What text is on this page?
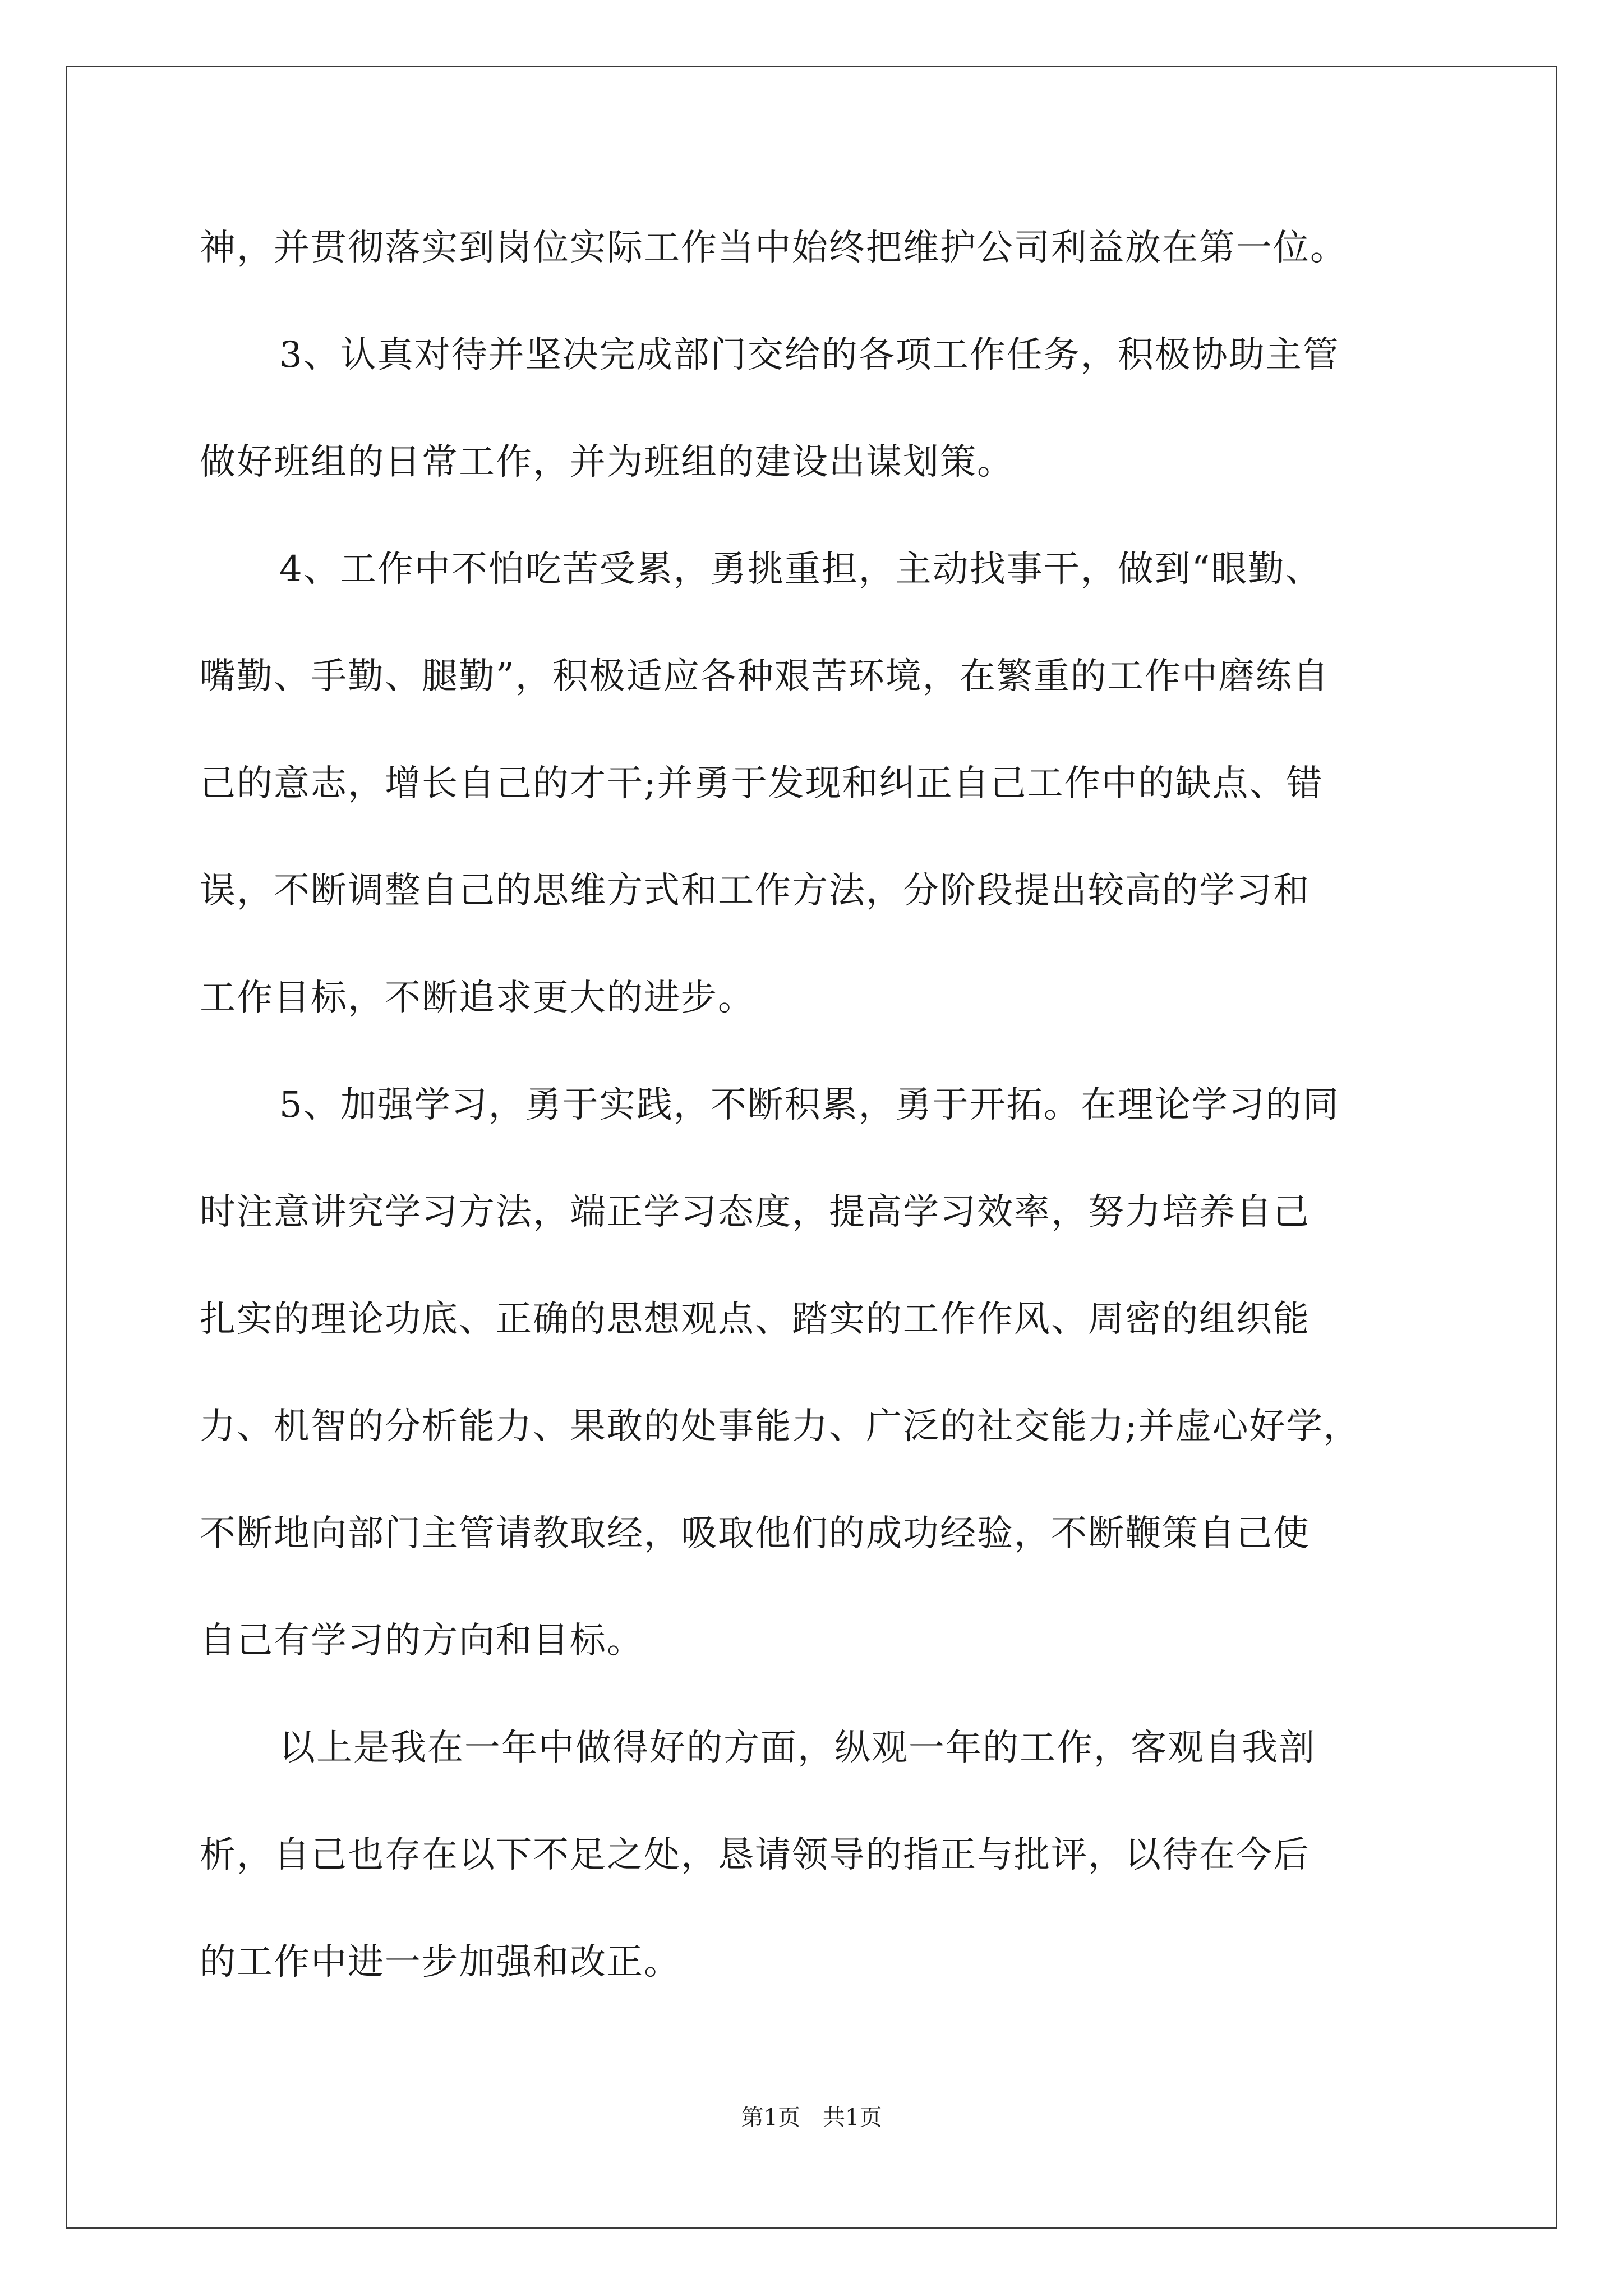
神，并贯彻落实到岗位实际工作当中始终把维护公司利益放在第一位。
3、认真对待并坚决完成部门交给的各项工作任务，积极协助主管
做好班组的日常工作，并为班组的建设出谋划策。
4、工作中不怕吃苦受累，勇挑重担，主动找事干，做到“眼勤、
嘴勤、手勤、腿勤”，积极适应各种艰苦环境，在繁重的工作中磨练自
己的意志，增长自己的才干;并勇于发现和纠正自己工作中的缺点、错
误，不断调整自己的思维方式和工作方法，分阶段提出较高的学习和
工作目标，不断追求更大的进步。
5、加强学习，勇于实践，不断积累，勇于开拓。在理论学习的同
时注意讲究学习方法，端正学习态度，提高学习效率，努力培养自己
扎实的理论功底、正确的思想观点、踏实的工作作风、周密的组织能
力、机智的分析能力、果敢的处事能力、广泛的社交能力;并虚心好学，
不断地向部门主管请教取经，吸取他们的成功经验，不断鞭策自己使
自己有学习的方向和目标。
以上是我在一年中做得好的方面，纵观一年的工作，客观自我剖
析，自己也存在以下不足之处，恳请领导的指正与批评，以待在今后
的工作中进一步加强和改正。
第1页　共1页
